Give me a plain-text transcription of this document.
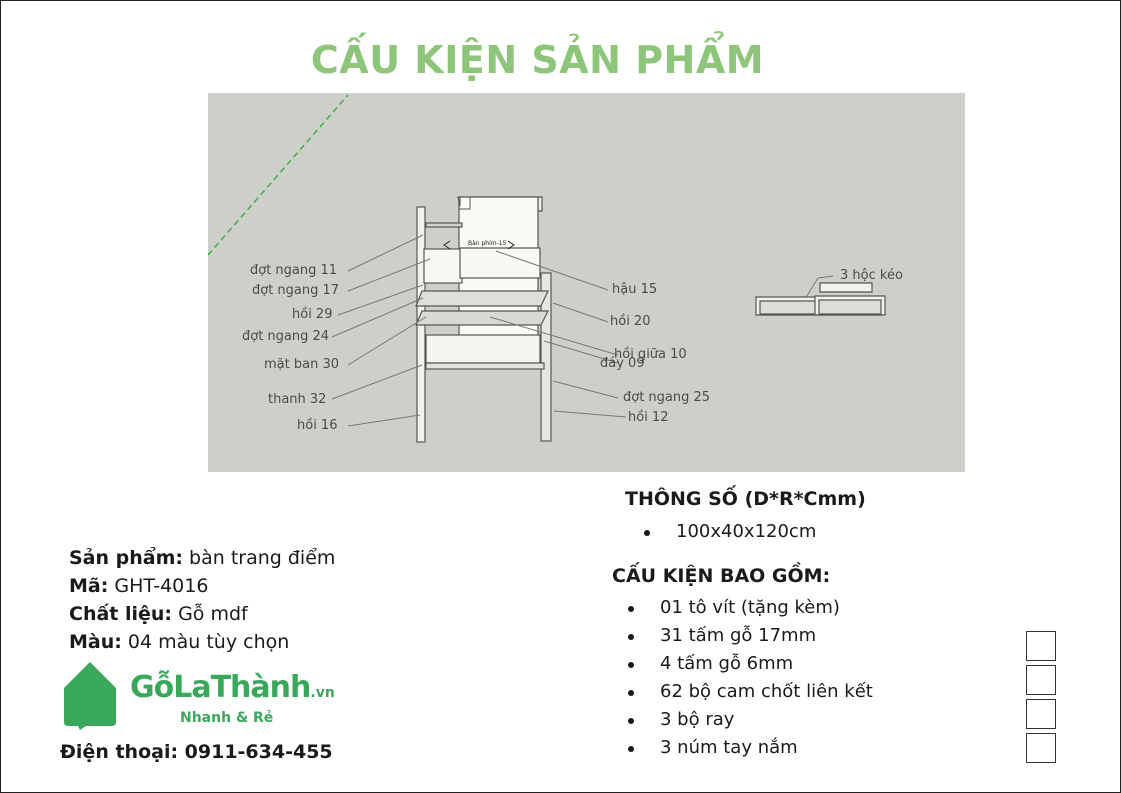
CẤU KIỆN SẢN PHẨM
Bàn phím-15
đợt ngang 11
đợt ngang 17
hồi 29
đợt ngang 24
mặt ban 30
thanh 32
hồi 16
hậu 15
hồi 20
hồi giữa 10
đáy 09
đợt ngang 25
hồi 12
3 hộc kéo
THÔNG SỐ (D*R*Cmm)
100x40x120cm
CẤU KIỆN BAO GỒM:
01 tô vít (tặng kèm)
31 tấm gỗ 17mm
4 tấm gỗ 6mm
62 bộ cam chốt liên kết
3 bộ ray
3 núm tay nắm
Sản phẩm: bàn trang điểm
Mã: GHT-4016
Chất liệu: Gỗ mdf
Màu: 04 màu tùy chọn
GỗLaThành.vn
Nhanh & Rẻ
Điện thoại: 0911-634-455
